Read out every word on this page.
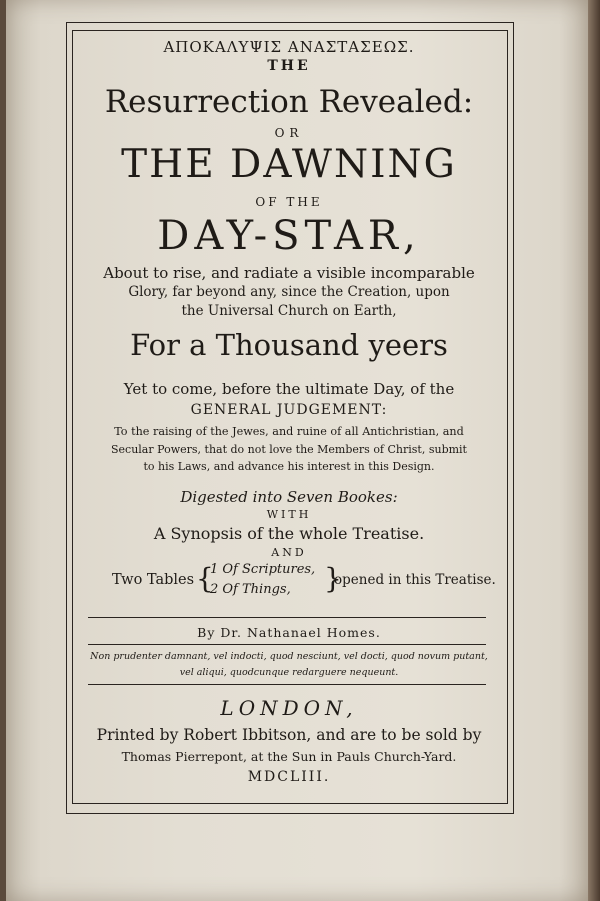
ΑΠΟΚΑΛΥΨΙΣ ΑΝΑΣΤΑΣΕΩΣ.
THE
Resurrection Revealed:
OR
THE DAWNING
OF THE
DAY-STAR,
About to rise, and radiate a visible incomparable
Glory, far beyond any, since the Creation, upon
the Universal Church on Earth,
For a Thousand yeers
Yet to come, before the ultimate Day, of the
GENERAL JUDGEMENT:
To the raising of the Jewes, and ruine of all Antichristian, and
Secular Powers, that do not love the Members of Christ, submit
to his Laws, and advance his interest in this Design.
Digested into Seven Bookes:
WITH
A Synopsis of the whole Treatise.
AND
Two Tables {
1 Of Scriptures,
2 Of Things, }
opened in this Treatise.
By Dr. Nathanael Homes.
Non prudenter damnant, vel indocti, quod nesciunt, vel docti, quod novum putant,
vel aliqui, quodcunque redarguere nequeunt.
LONDON,
Printed by Robert Ibbitson, and are to be sold by
Thomas Pierrepont, at the Sun in Pauls Church-Yard.
MDCLIII.
